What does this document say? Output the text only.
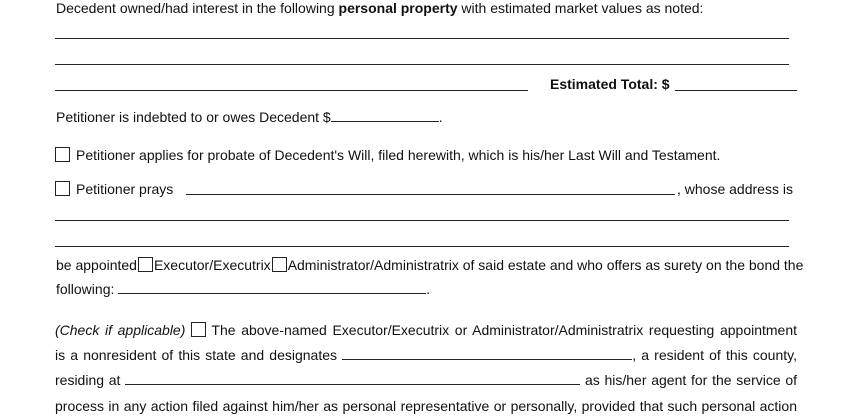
Decedent owned/had interest in the following personal property with estimated market values as noted:
Estimated Total: $
Petitioner is indebted to or owes Decedent $	.
Petitioner applies for probate of Decedent's Will, filed herewith, which is his/her Last Will and Testament.
Petitioner prays	, whose address is
be appointed Executor/Executrix Administrator/Administratrix of said estate and who offers as surety on the bond the
following:	.
(Check if applicable) The above-named Executor/Executrix or Administrator/Administratrix requesting appointment
is a nonresident of this state and designates	, a resident of this county,
residing at	as his/her agent for the service of
process in any action filed against him/her as personal representative or personally, provided that such personal action
